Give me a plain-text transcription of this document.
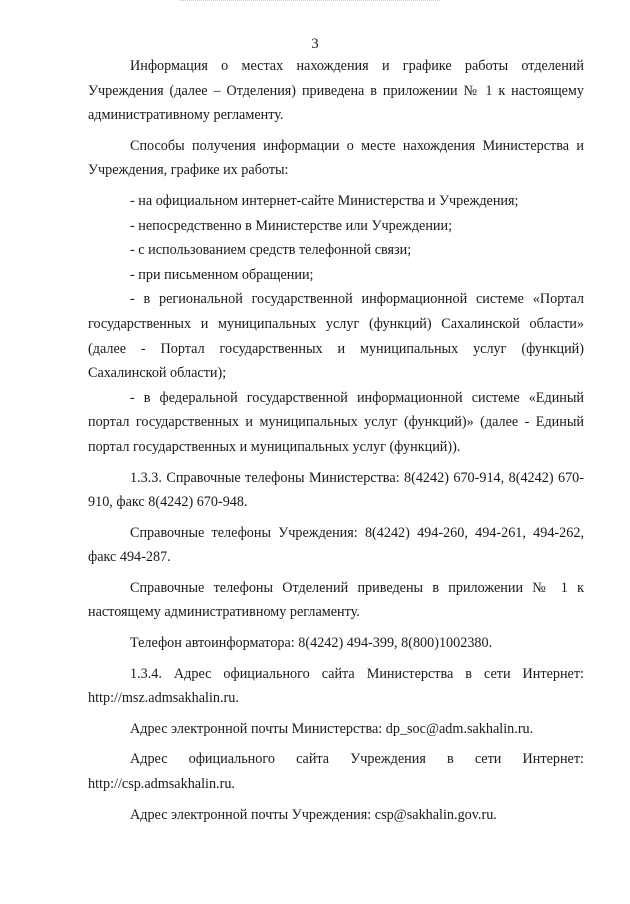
3

Информация о местах нахождения и графике работы отделений Учреждения (далее – Отделения) приведена в приложении № 1 к настоящему административному регламенту.

Способы получения информации о месте нахождения Министерства и Учреждения, графике их работы:

- на официальном интернет-сайте Министерства и Учреждения;

- непосредственно в Министерстве или Учреждении;

- с использованием средств телефонной связи;

- при письменном обращении;

- в региональной государственной информационной системе «Портал государственных и муниципальных услуг (функций) Сахалинской области» (далее - Портал государственных и муниципальных услуг (функций) Сахалинской области);

- в федеральной государственной информационной системе «Единый портал государственных и муниципальных услуг (функций)» (далее - Единый портал государственных и муниципальных услуг (функций)).

1.3.3. Справочные телефоны Министерства: 8(4242) 670-914, 8(4242) 670-910, факс 8(4242) 670-948.

Справочные телефоны Учреждения: 8(4242) 494-260, 494-261, 494-262, факс 494-287.

Справочные телефоны Отделений приведены в приложении № 1 к настоящему административному регламенту.

Телефон автоинформатора: 8(4242) 494-399, 8(800)1002380.

1.3.4. Адрес официального сайта Министерства в сети Интернет: http://msz.admsakhalin.ru.

Адрес электронной почты Министерства: dp_soc@adm.sakhalin.ru.

Адрес официального сайта Учреждения в сети Интернет: http://csp.admsakhalin.ru.

Адрес электронной почты Учреждения: csp@sakhalin.gov.ru.
